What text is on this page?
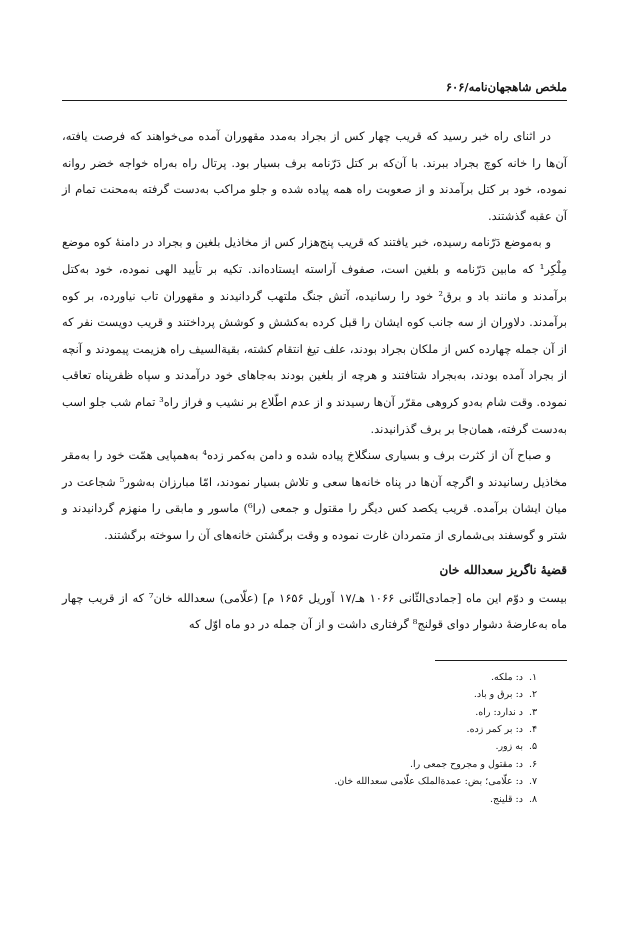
ملخص شاهجهان‌نامه/۶۰۶

در اثنای راه خبر رسید که قریب چهار کس از بجراد به‌مدد مقهوران آمده می‌خواهند که فرصت یافته، آن‌ها را خانه کوچ بجراد ببرند. با آن‌که بر کتل دَرّنامه برف بسیار بود. پرتال راه به‌راه خواجه خضر روانه نموده، خود بر کتل برآمدند و از صعوبت راه همه پیاده شده و جلو مراکب به‌دست گرفته به‌محنت تمام از آن عقبه گذشتند.

و به‌موضع دَرّنامه رسیده، خبر یافتند که قریب پنج‌هزار کس از مخاذیل بلغین و بجراد در دامنهٔ کوه موضع مِلْکِر¹ که مابین دَرّنامه و بلغین است، صفوف آراسته ایستاده‌اند. تکیه بر تأیید الهی نموده، خود به‌کتل برآمدند و مانند باد و برق² خود را رسانیده، آتش جنگ ملتهب گردانیدند و مقهوران تاب نیاورده، بر کوه برآمدند. دلاوران از سه جانب کوه ایشان را قبل کرده به‌کشش و کوشش پرداختند و قریب دویست نفر که از آن جمله چهارده کس از ملکان بجراد بودند، علف تیغ انتقام کشته، بقیةالسیف راه هزیمت پیمودند و آنچه از بجراد آمده بودند، به‌بجراد شتافتند و هرچه از بلغین بودند به‌جاهای خود درآمدند و سپاه ظفرپناه تعاقب نموده. وقت شام به‌دو کروهی مقرّر آن‌ها رسیدند و از عدم اطّلاع بر نشیب و فراز راه³ تمام شب جلو اسب به‌دست گرفته، همان‌جا بر برف گذرانیدند.

و صباح آن از کثرت برف و بسیاری سنگلاخ پیاده شده و دامن به‌کمر زده⁴ به‌همپایی همّت خود را به‌مقر مخاذیل رسانیدند و اگرچه آن‌ها در پناه خانه‌ها سعی و تلاش بسیار نمودند، امّا مبارزان به‌شور⁵ شجاعت در میان ایشان برآمده. قریب یکصد کس دیگر را مقتول و جمعی (را⁶) ماسور و مابقی را منهزم گردانیدند و شتر و گوسفند بی‌شماری از متمردان غارت نموده و وقت برگشتن خانه‌های آن را سوخته برگشتند.

قضیهٔ ناگریز سعدالله خان

بیست و دوّم این ماه [جمادی‌الثّانی ۱۰۶۶ هـ/۱۷ آوریل ۱۶۵۶ م] (علّامی) سعدالله خان⁷ که از قریب چهار ماه به‌عارضهٔ دشوار دوای قولنج⁸ گرفتاری داشت و از آن جمله در دو ماه اوّل که

۱.
د: ملکه.
۲.
د: برق و باد.
۳.
د ندارد: راه.
۴.
د: بر کمر زده.
۵.
به زور.
۶.
د: مقتول و مجروح جمعی را.
۷.
د: علّامی؛ بض: عمدةالملک علّامی سعدالله خان.
۸.
د: قلینج.
